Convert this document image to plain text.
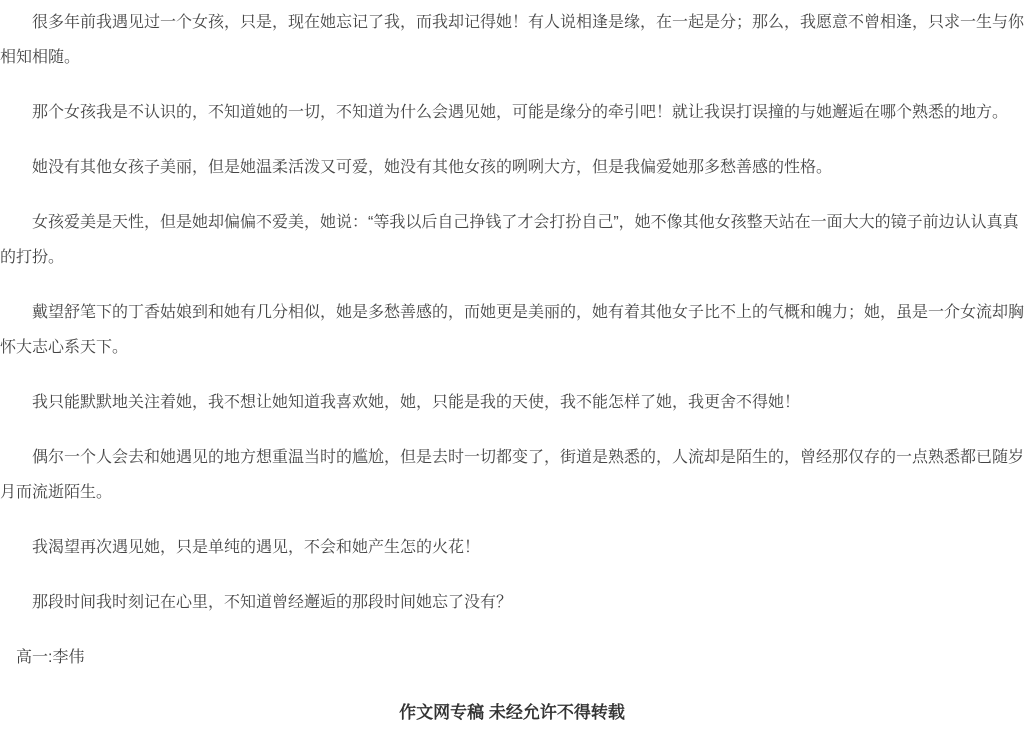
很多年前我遇见过一个女孩，只是，现在她忘记了我，而我却记得她！有人说相逢是缘，在一起是分；那么，我愿意不曾相逢，只求一生与你相知相随。

那个女孩我是不认识的，不知道她的一切，不知道为什么会遇见她，可能是缘分的牵引吧！就让我误打误撞的与她邂逅在哪个熟悉的地方。

她没有其他女孩子美丽，但是她温柔活泼又可爱，她没有其他女孩的咧咧大方，但是我偏爱她那多愁善感的性格。

女孩爱美是天性，但是她却偏偏不爱美，她说：“等我以后自己挣钱了才会打扮自己”，她不像其他女孩整天站在一面大大的镜子前边认认真真的打扮。

戴望舒笔下的丁香姑娘到和她有几分相似，她是多愁善感的，而她更是美丽的，她有着其他女子比不上的气概和魄力；她，虽是一介女流却胸怀大志心系天下。

我只能默默地关注着她，我不想让她知道我喜欢她，她，只能是我的天使，我不能怎样了她，我更舍不得她！

偶尔一个人会去和她遇见的地方想重温当时的尴尬，但是去时一切都变了，街道是熟悉的，人流却是陌生的，曾经那仅存的一点熟悉都已随岁月而流逝陌生。

我渴望再次遇见她，只是单纯的遇见，不会和她产生怎的火花！

那段时间我时刻记在心里，不知道曾经邂逅的那段时间她忘了没有？

高一:李伟

作文网专稿 未经允许不得转载
